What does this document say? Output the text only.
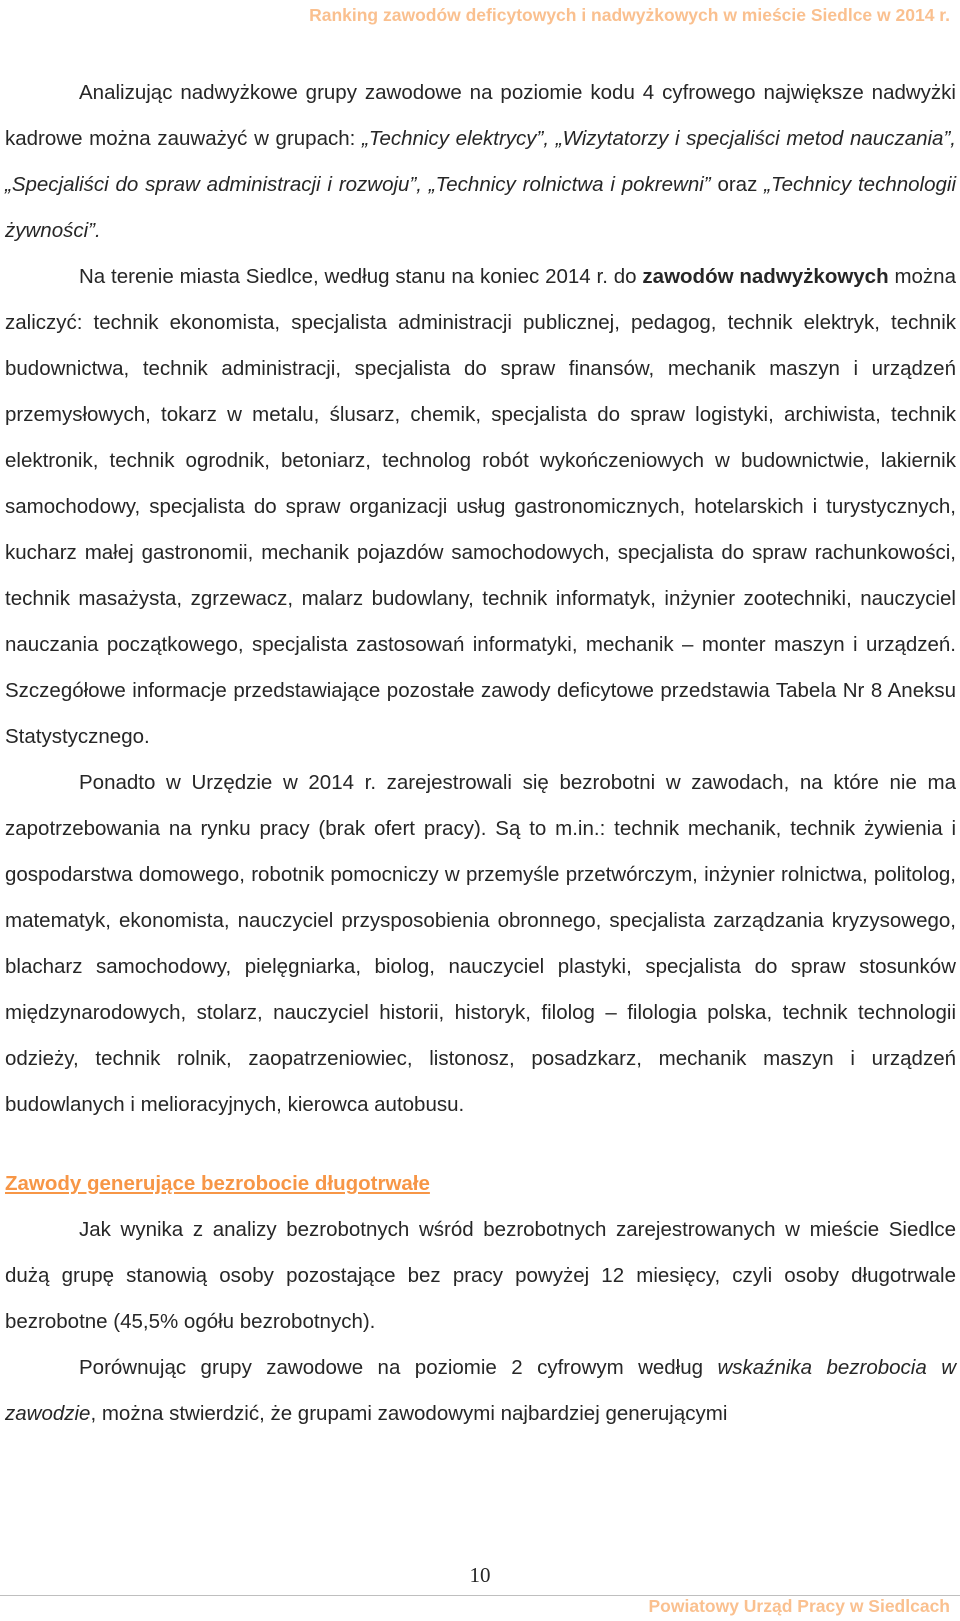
Ranking zawodów deficytowych i nadwyżkowych w mieście Siedlce w 2014 r.

Analizując nadwyżkowe grupy zawodowe na poziomie kodu 4 cyfrowego największe nadwyżki kadrowe można zauważyć w grupach: „Technicy elektrycy”, „Wizytatorzy i specjaliści metod nauczania”, „Specjaliści do spraw administracji i rozwoju”, „Technicy rolnictwa i pokrewni” oraz „Technicy technologii żywności”.

Na terenie miasta Siedlce, według stanu na koniec 2014 r. do zawodów nadwyżkowych można zaliczyć: technik ekonomista, specjalista administracji publicznej, pedagog, technik elektryk, technik budownictwa, technik administracji, specjalista do spraw finansów, mechanik maszyn i urządzeń przemysłowych, tokarz w metalu, ślusarz, chemik, specjalista do spraw logistyki, archiwista, technik elektronik, technik ogrodnik, betoniarz, technolog robót wykończeniowych w budownictwie, lakiernik samochodowy, specjalista do spraw organizacji usług gastronomicznych, hotelarskich i turystycznych, kucharz małej gastronomii, mechanik pojazdów samochodowych, specjalista do spraw rachunkowości, technik masażysta, zgrzewacz, malarz budowlany, technik informatyk, inżynier zootechniki, nauczyciel nauczania początkowego, specjalista zastosowań informatyki, mechanik – monter maszyn i urządzeń. Szczegółowe informacje przedstawiające pozostałe zawody deficytowe przedstawia Tabela Nr 8 Aneksu Statystycznego.

Ponadto w Urzędzie w 2014 r. zarejestrowali się bezrobotni w zawodach, na które nie ma zapotrzebowania na rynku pracy (brak ofert pracy). Są to m.in.: technik mechanik, technik żywienia i gospodarstwa domowego, robotnik pomocniczy w przemyśle przetwórczym, inżynier rolnictwa, politolog, matematyk, ekonomista, nauczyciel przysposobienia obronnego, specjalista zarządzania kryzysowego, blacharz samochodowy, pielęgniarka, biolog, nauczyciel plastyki, specjalista do spraw stosunków międzynarodowych, stolarz, nauczyciel historii, historyk, filolog – filologia polska, technik technologii odzieży, technik rolnik, zaopatrzeniowiec, listonosz, posadzkarz, mechanik maszyn i urządzeń budowlanych i melioracyjnych, kierowca autobusu.

Zawody generujące bezrobocie długotrwałe

Jak wynika z analizy bezrobotnych wśród bezrobotnych zarejestrowanych w mieście Siedlce dużą grupę stanowią osoby pozostające bez pracy powyżej 12 miesięcy, czyli osoby długotrwale bezrobotne (45,5% ogółu bezrobotnych).

Porównując grupy zawodowe na poziomie 2 cyfrowym według wskaźnika bezrobocia w zawodzie, można stwierdzić, że grupami zawodowymi najbardziej generującymi

10
Powiatowy Urząd Pracy w Siedlcach
